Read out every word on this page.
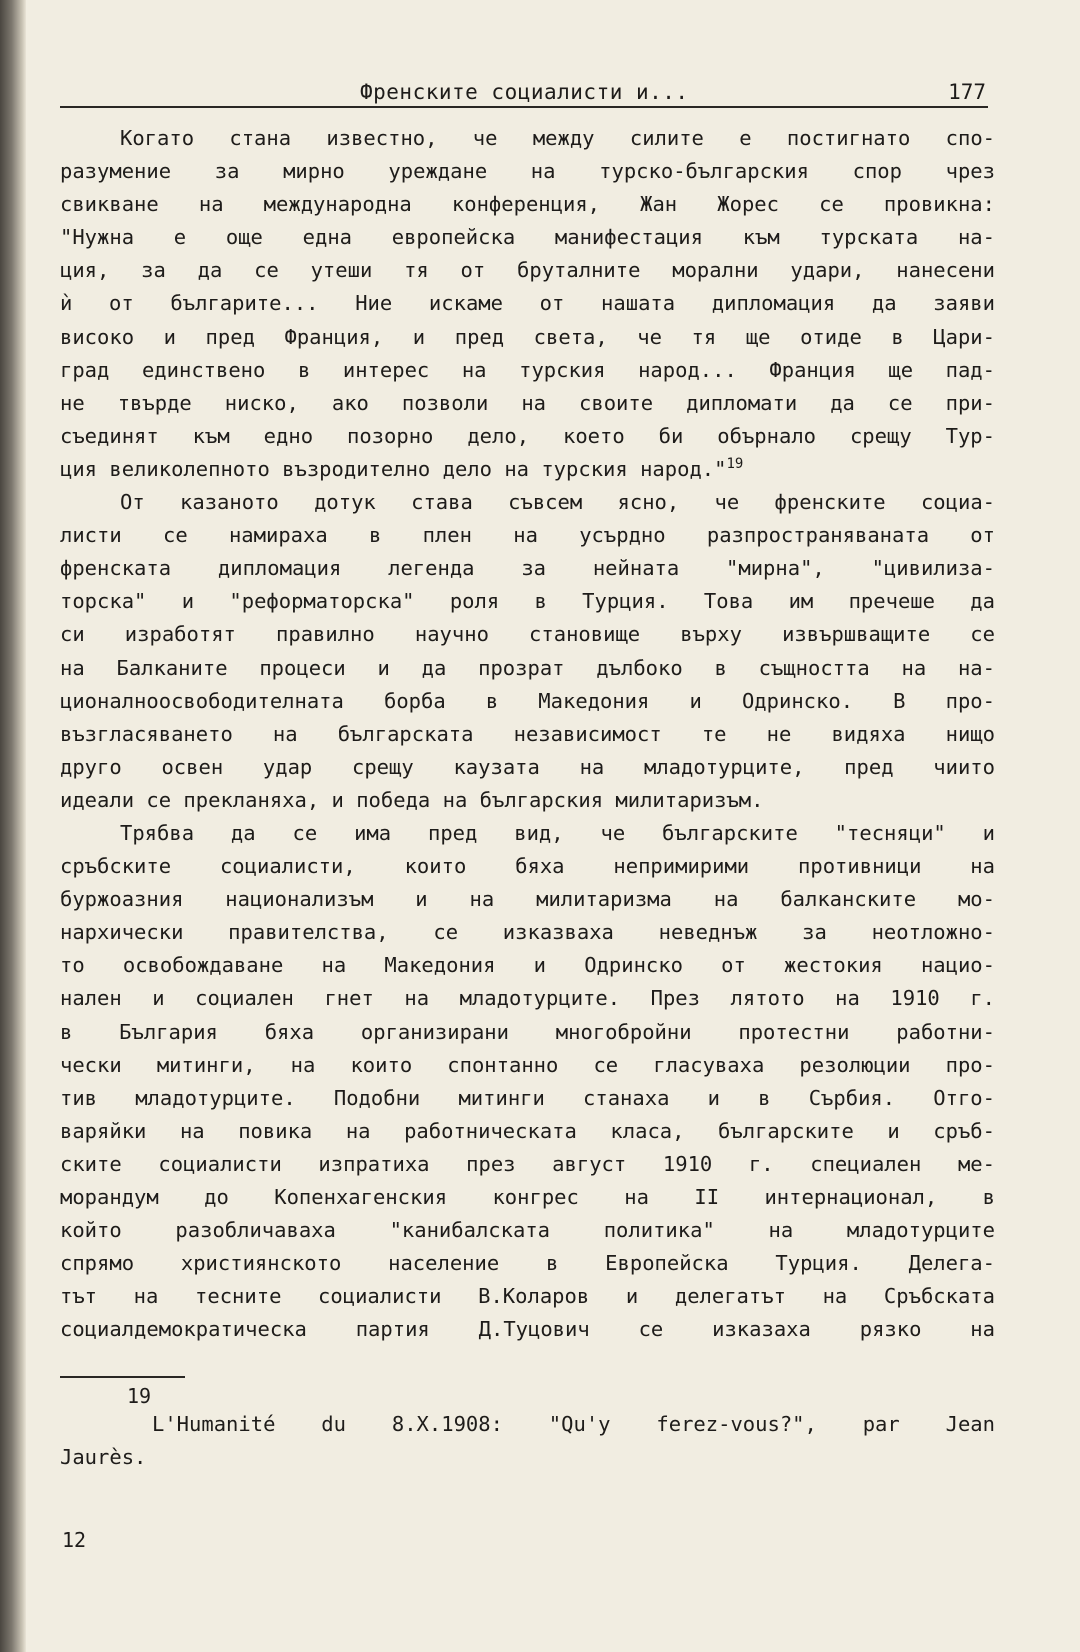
Френските социалисти и...	177
Когато стана известно, че между силите е постигнато спо-
разумение за мирно уреждане на турско-българския спор чрез
свикване на международна конференция, Жан Жорес се провикна:
"Нужна е още една европейска манифестация към турската на-
ция, за да се утеши тя от бруталните морални удари, нанесени
ѝ от българите... Ние искаме от нашата дипломация да заяви
високо и пред Франция, и пред света, че тя ще отиде в Цари-
град единствено в интерес на турския народ... Франция ще пад-
не твърде ниско, ако позволи на своите дипломати да се при-
съединят към едно позорно дело, което би обърнало срещу Тур-
ция великолепното възродително дело на турския народ."$^{19}$
От казаното дотук става съвсем ясно, че френските социа-
листи се намираха в плен на усърдно разпространяваната от
френската дипломация легенда за нейната "мирна", "цивилиза-
торска" и "реформаторска" роля в Турция. Това им пречеше да
си изработят правилно научно становище върху извършващите се
на Балканите процеси и да прозрат дълбоко в същността на на-
ционалноосвободителната борба в Македония и Одринско. В про-
възгласяването на българската независимост те не видяха нищо
друго освен удар срещу каузата на младотурците, пред чиито
идеали се прекланяха, и победа на българския милитаризъм.
Трябва да се има пред вид, че българските "тесняци" и
сръбските социалисти, които бяха непримирими противници на
буржоазния национализъм и на милитаризма на балканските мо-
нархически правителства, се изказваха неведнъж за неотложно-
то освобождаване на Македония и Одринско от жестокия нацио-
нален и социален гнет на младотурците. През лятото на 1910 г.
в България бяха организирани многобройни протестни работни-
чески митинги, на които спонтанно се гласуваха резолюции про-
тив младотурците. Подобни митинги станаха и в Сърбия. Отго-
варяйки на повика на работническата класа, българските и сръб-
ските социалисти изпратиха през август 1910 г. специален ме-
морандум до Копенхагенския конгрес на II интернационал, в
който разобличаваха "канибалската политика" на младотурците
спрямо християнското население в Европейска Турция. Делега-
тът на тесните социалисти В.Коларов и делегатът на Сръбската
социалдемократическа партия Д.Туцович се изказаха рязко на
19
L'Humanité du 8.X.1908: "Qu'y ferez-vous?", par Jean
Jaurès.
12
